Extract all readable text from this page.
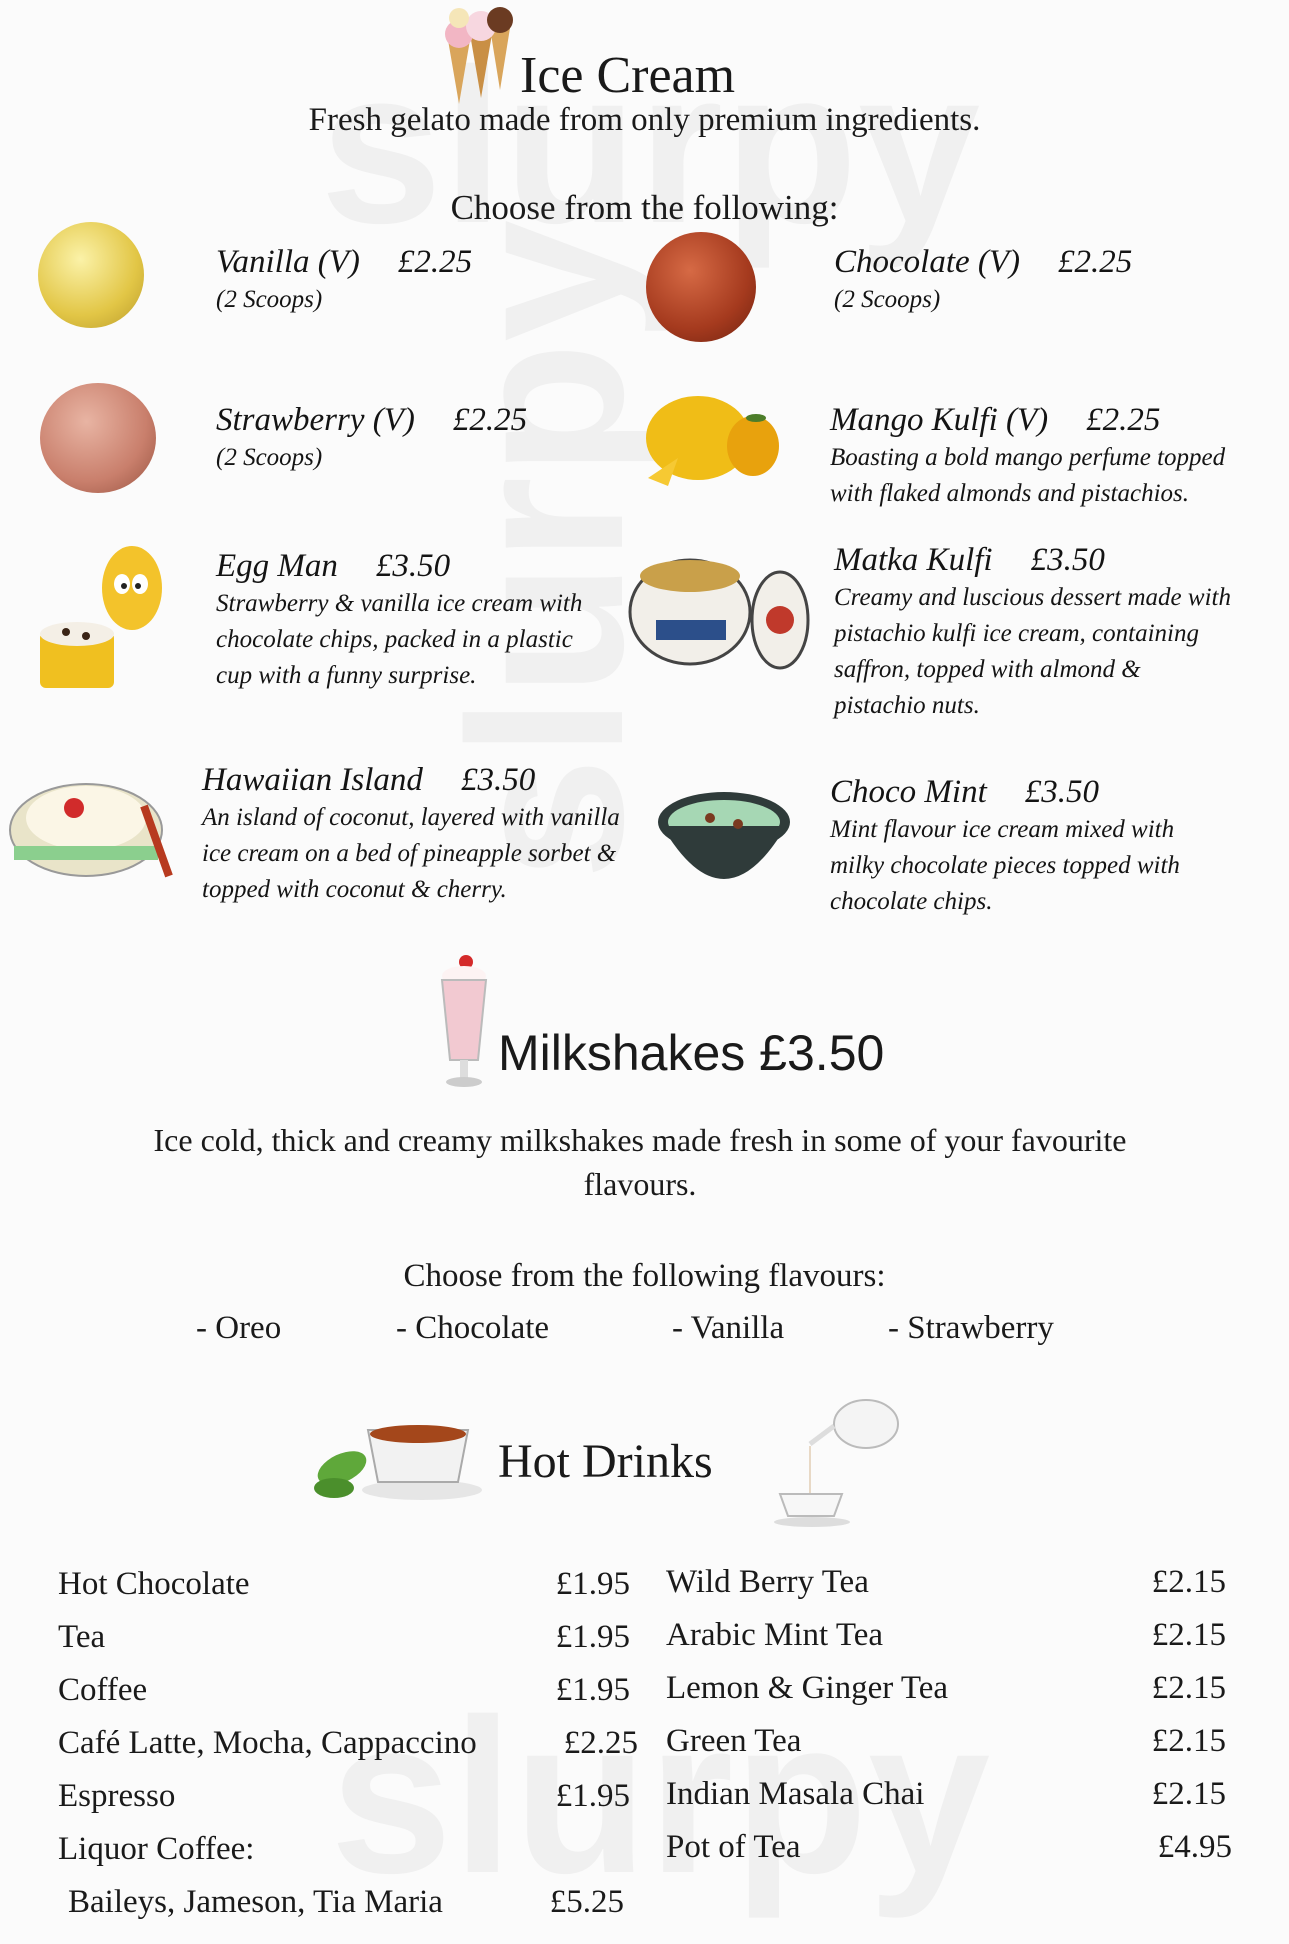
Ice Cream
Fresh gelato made from only premium ingredients.
Choose from the following:
Vanilla (V) £2.25
(2 Scoops)
Chocolate (V) £2.25
(2 Scoops)
Strawberry (V) £2.25
(2 Scoops)
Mango Kulfi (V) £2.25
Boasting a bold mango perfume topped with flaked almonds and pistachios.
Egg Man £3.50
Strawberry & vanilla ice cream with chocolate chips, packed in a plastic cup with a funny surprise.
Matka Kulfi £3.50
Creamy and luscious dessert made with pistachio kulfi ice cream, containing saffron, topped with almond & pistachio nuts.
Hawaiian Island £3.50
An island of coconut, layered with vanilla ice cream on a bed of pineapple sorbet & topped with coconut & cherry.
Choco Mint £3.50
Mint flavour ice cream mixed with milky chocolate pieces topped with chocolate chips.
Milkshakes £3.50
Ice cold, thick and creamy milkshakes made fresh in some of your favourite flavours.
Choose from the following flavours:
- Oreo	- Chocolate	- Vanilla	- Strawberry
Hot Drinks
Hot Chocolate	£1.95
Tea	£1.95
Coffee	£1.95
Café Latte, Mocha, Cappaccino	£2.25
Espresso	£1.95
Liquor Coffee:
Baileys, Jameson, Tia Maria	£5.25
Wild Berry Tea	£2.15
Arabic Mint Tea	£2.15
Lemon & Ginger Tea	£2.15
Green Tea	£2.15
Indian Masala Chai	£2.15
Pot of Tea	£4.95
